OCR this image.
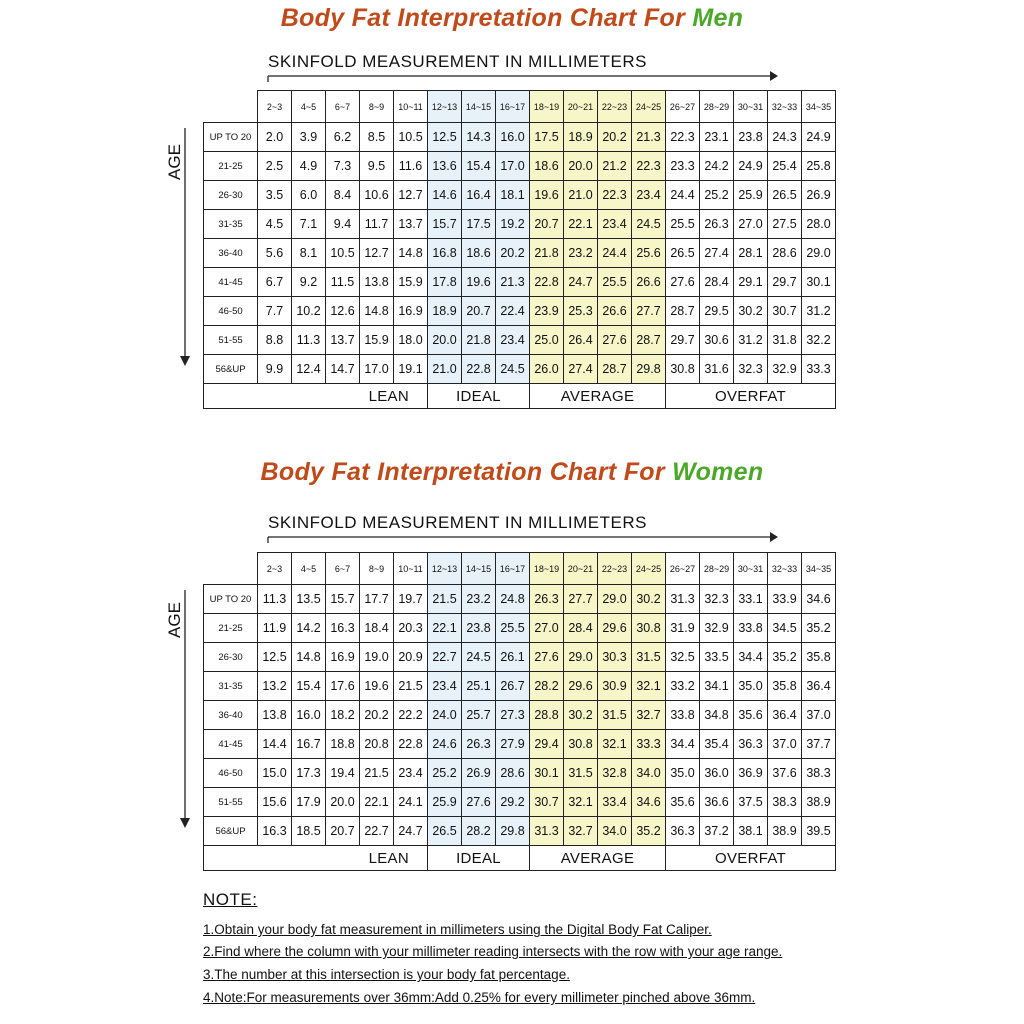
Body Fat Interpretation Chart For Men
SKINFOLD MEASUREMENT IN MILLIMETERS
AGE
	2~3	4~5	6~7	8~9	10~11	12~13	14~15	16~17	18~19	20~21	22~23	24~25	26~27	28~29	30~31	32~33	34~35
UP TO 20	2.0	3.9	6.2	8.5	10.5	12.5	14.3	16.0	17.5	18.9	20.2	21.3	22.3	23.1	23.8	24.3	24.9
21-25	2.5	4.9	7.3	9.5	11.6	13.6	15.4	17.0	18.6	20.0	21.2	22.3	23.3	24.2	24.9	25.4	25.8
26-30	3.5	6.0	8.4	10.6	12.7	14.6	16.4	18.1	19.6	21.0	22.3	23.4	24.4	25.2	25.9	26.5	26.9
31-35	4.5	7.1	9.4	11.7	13.7	15.7	17.5	19.2	20.7	22.1	23.4	24.5	25.5	26.3	27.0	27.5	28.0
36-40	5.6	8.1	10.5	12.7	14.8	16.8	18.6	20.2	21.8	23.2	24.4	25.6	26.5	27.4	28.1	28.6	29.0
41-45	6.7	9.2	11.5	13.8	15.9	17.8	19.6	21.3	22.8	24.7	25.5	26.6	27.6	28.4	29.1	29.7	30.1
46-50	7.7	10.2	12.6	14.8	16.9	18.9	20.7	22.4	23.9	25.3	26.6	27.7	28.7	29.5	30.2	30.7	31.2
51-55	8.8	11.3	13.7	15.9	18.0	20.0	21.8	23.4	25.0	26.4	27.6	28.7	29.7	30.6	31.2	31.8	32.2
56&UP	9.9	12.4	14.7	17.0	19.1	21.0	22.8	24.5	26.0	27.4	28.7	29.8	30.8	31.6	32.3	32.9	33.3
LEAN						IDEAL			AVERAGE				OVERFAT				
Body Fat Interpretation Chart For Women
SKINFOLD MEASUREMENT IN MILLIMETERS
AGE
	2~3	4~5	6~7	8~9	10~11	12~13	14~15	16~17	18~19	20~21	22~23	24~25	26~27	28~29	30~31	32~33	34~35
UP TO 20	11.3	13.5	15.7	17.7	19.7	21.5	23.2	24.8	26.3	27.7	29.0	30.2	31.3	32.3	33.1	33.9	34.6
21-25	11.9	14.2	16.3	18.4	20.3	22.1	23.8	25.5	27.0	28.4	29.6	30.8	31.9	32.9	33.8	34.5	35.2
26-30	12.5	14.8	16.9	19.0	20.9	22.7	24.5	26.1	27.6	29.0	30.3	31.5	32.5	33.5	34.4	35.2	35.8
31-35	13.2	15.4	17.6	19.6	21.5	23.4	25.1	26.7	28.2	29.6	30.9	32.1	33.2	34.1	35.0	35.8	36.4
36-40	13.8	16.0	18.2	20.2	22.2	24.0	25.7	27.3	28.8	30.2	31.5	32.7	33.8	34.8	35.6	36.4	37.0
41-45	14.4	16.7	18.8	20.8	22.8	24.6	26.3	27.9	29.4	30.8	32.1	33.3	34.4	35.4	36.3	37.0	37.7
46-50	15.0	17.3	19.4	21.5	23.4	25.2	26.9	28.6	30.1	31.5	32.8	34.0	35.0	36.0	36.9	37.6	38.3
51-55	15.6	17.9	20.0	22.1	24.1	25.9	27.6	29.2	30.7	32.1	33.4	34.6	35.6	36.6	37.5	38.3	38.9
56&UP	16.3	18.5	20.7	22.7	24.7	26.5	28.2	29.8	31.3	32.7	34.0	35.2	36.3	37.2	38.1	38.9	39.5
LEAN						IDEAL			AVERAGE				OVERFAT				
NOTE:
1.Obtain your body fat measurement in millimeters using the Digital Body Fat Caliper.
2.Find where the column with your millimeter reading intersects with the row with your age range.
3.The number at this intersection is your body fat percentage.
4.Note:For measurements over 36mm:Add 0.25% for every millimeter pinched above 36mm.
